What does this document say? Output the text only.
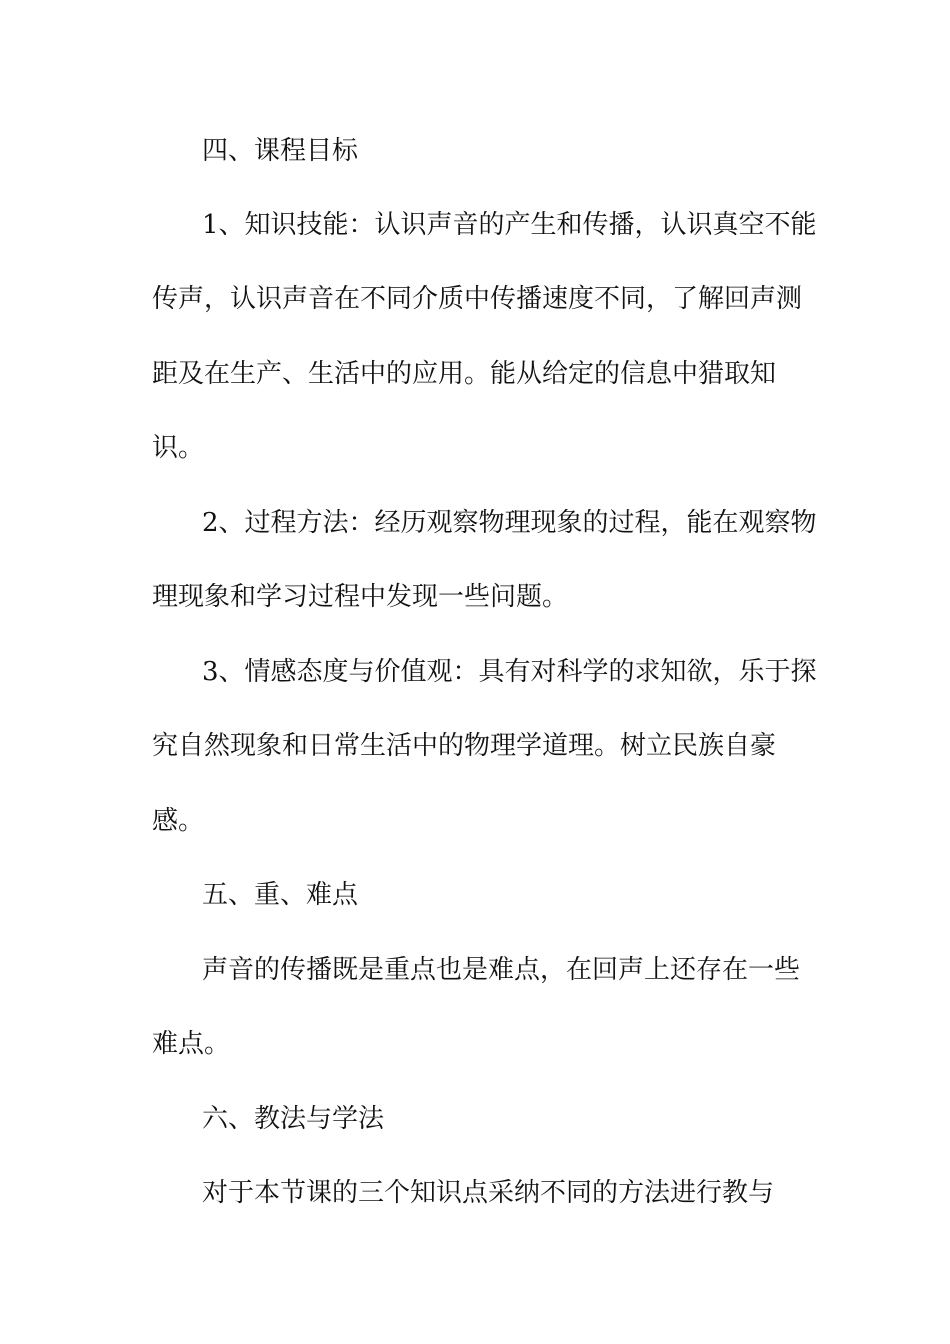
四、课程目标
1、知识技能：认识声音的产生和传播，认识真空不能
传声，认识声音在不同介质中传播速度不同，了解回声测
距及在生产、生活中的应用。能从给定的信息中猎取知
识。
2、过程方法：经历观察物理现象的过程，能在观察物
理现象和学习过程中发现一些问题。
3、情感态度与价值观：具有对科学的求知欲，乐于探
究自然现象和日常生活中的物理学道理。树立民族自豪
感。
五、重、难点
声音的传播既是重点也是难点，在回声上还存在一些
难点。
六、教法与学法
对于本节课的三个知识点采纳不同的方法进行教与
